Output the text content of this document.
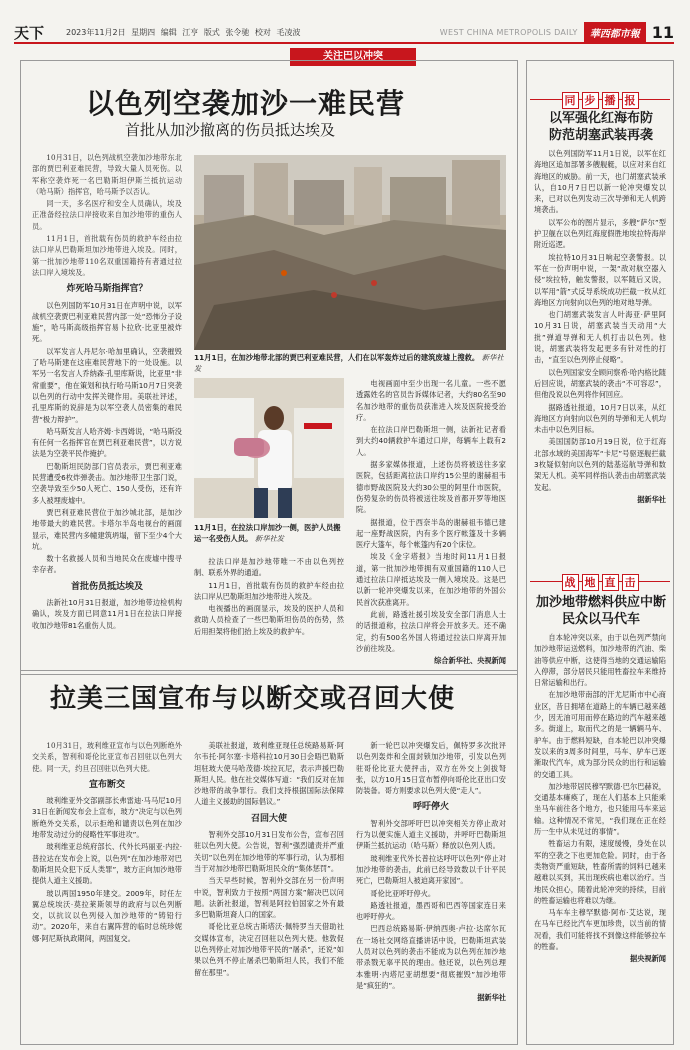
天下	2023年11月2日 星期四 编辑 江亨 版式 张令驰 校对 毛凌波	WEST CHINA METROPOLIS DAILY	華西都市報 11
关注巴以冲突
以色列空袭加沙一难民营
首批从加沙撤离的伤员抵达埃及

10月31日，以色列战机空袭加沙地带东北部的贾巴利亚难民营，导致大量人员死伤。以军称空袭炸死一名巴勒斯坦伊斯兰抵抗运动（哈马斯）指挥官，哈马斯予以否认。

同一天，多名医疗和安全人员确认，埃及正准备经拉法口岸接收来自加沙地带的重伤人员。

11月1日，首批载有伤员的救护车经由拉法口岸从巴勒斯坦加沙地带进入埃及。同时，第一批加沙地带110名双重国籍持有者通过拉法口岸入境埃及。

炸死哈马斯指挥官？

以色列国防军10月31日在声明中说，以军战机空袭贾巴利亚难民营内部一处“恐怖分子设施”，哈马斯高级指挥官易卜拉欣·比亚里被炸死。

以军发言人丹尼尔·哈加里确认，空袭摧毁了哈马斯建在这座难民营地下的一处设施。以军另一名发言人乔纳森·孔里库斯说，比亚里“非常重要”，他在策划和执行哈马斯10月7日突袭以色列的行动中发挥关键作用。美联社评述，孔里库斯的说辞是为以军空袭人员密集的难民营“极力辩护”。

哈马斯发言人哈齐姆·卡西姆说，“哈马斯没有任何一名指挥官在贾巴利亚难民营”，以方说法是为空袭平民作掩护。

巴勒斯坦民防部门官员表示，贾巴利亚难民营遭受6枚炸弹袭击。加沙地带卫生部门说，空袭导致至少50人死亡、150人受伤，还有许多人被埋废墟中。

贾巴利亚难民营位于加沙城北部，是加沙地带最大的难民营。卡塔尔半岛电视台的画面显示，难民营内多幢建筑坍塌，留下至少4个大坑。

数十名救援人员和当地民众在废墟中搜寻幸存者。

首批伤员抵达埃及

法新社10月31日报道，加沙地带边检机构确认，埃及方面已同意11月1日在拉法口岸接收加沙地带81名重伤人员。

11月1日，在加沙地带北部的贾巴利亚难民营，人们在以军轰炸过后的建筑废墟上搜救。 新华社发
11月1日，在拉法口岸加沙一侧，医护人员搬运一名受伤人员。 新华社发

拉法口岸是加沙地带唯一不由以色列控制、联系外界的通道。

11月1日，首批载有伤员的救护车经由拉法口岸从巴勒斯坦加沙地带进入埃及。

电视播出的画面显示，埃及的医护人员和救助人员检查了一些巴勒斯坦伤员的伤势，然后用担架将他们抬上埃及的救护车。

电视画面中至少出现一名儿童。一些不愿透露姓名的官员告诉媒体记者，大约80名至90名加沙地带的重伤员获准进入埃及医院接受治疗。

在拉法口岸巴勒斯坦一侧，法新社记者看到大约40辆救护车通过口岸，每辆车上载有2人。

据多家媒体报道，上述伤员将被送往多家医院，包括距离拉法口岸约15公里的谢赫祖韦德市野战医院及大约30公里的阿里什市医院，伤势复杂的伤员将被送往埃及首都开罗等地医院。

据报道，位于西奈半岛的谢赫祖韦德已建起一座野战医院，内有多个医疗帐篷及十多辆医疗大篷车，每个帐篷内有20个床位。

埃及《金字塔报》当地时间11月1日报道，第一批加沙地带拥有双重国籍的110人已通过拉法口岸抵达埃及一侧入境埃及。这是巴以新一轮冲突爆发以来，在加沙地带的外国公民首次获准离开。

此前，路透社援引埃及安全部门消息人士的话报道称，拉法口岸将会开放多天。还不确定，约有500名外国人将通过拉法口岸离开加沙前往埃及。

综合新华社、央视新闻
同 步 播 报
以军强化红海布防
防范胡塞武装再袭

以色列国防军11月1日说，以军在红海地区追加部署多艘舰艇，以应对来自红海地区的威胁。前一天，也门胡塞武装承认，自10月7日巴以新一轮冲突爆发以来，已对以色列发动三次导弹和无人机跨境袭击。

以军公布的图片显示，多艘“萨尔”型护卫舰在以色列红海度假胜地埃拉特海岸附近巡逻。

埃拉特10月31日响起空袭警报。以军在一份声明中说，一架“敌对航空器入侵”埃拉特，触发警报，以军随后又说，以军用“箭”式反导系统成功拦截一枚从红海地区方向射向以色列的地对地导弹。

也门胡塞武装发言人叶海亚·萨里阿10月31日说，胡塞武装当天动用“大批”弹道导弹和无人机打击以色列。他说，胡塞武装将发起更多有针对性的打击，“直至以色列停止侵略”。

以色列国家安全顾问察希·哈内格比随后回应说，胡塞武装的袭击“不可容忍”，但他没说以色列将作何回应。

据路透社报道，10月7日以来，从红海地区方向射向以色列的导弹和无人机均未击中以色列目标。

美国国防部10月19日说，位于红海北部水域的美国海军“卡尼”号驱逐舰拦截3枚疑似射向以色列的陆基巡航导弹和数架无人机。美军同样指认袭击由胡塞武装发起。

据新华社
战 地 直 击
加沙地带燃料供应中断
民众以马代车

自本轮冲突以来，由于以色列严禁向加沙地带运送燃料，加沙地带的汽油、柴油等供应中断，这使得当地的交通运输陷入停滞，部分居民只能用牲畜拉车来维持日常运输和出行。

在加沙地带南部的汗尤尼斯市中心商业区，昔日拥堵在道路上的车辆已越来越少，因无油可用而停在路边的汽车越来越多。街道上，取而代之的是一辆辆马车、驴车。由于燃料短缺，自本轮巴以冲突爆发以来的3周多时间里，马车、驴车已逐渐取代汽车，成为部分民众的出行和运输的交通工具。

加沙地带居民穆罕默德·巴尔巴赫说，交通基本瘫痪了，现在人们基本上只能乘坐马车前往各个地方，也只能用马车来运输。这种情况不常见，“我们现在正在经历一生中从未见过的事情”。

牲畜运力有限，速度缓慢，身处在以军的空袭之下也更加危险。同时，由于各类物资严重短缺，牲畜所需的饲料已越来越难以买到，其出现疾病也难以治疗。当地民众担心，随着此轮冲突的持续，目前的牲畜运输也将难以为继。

马车车主穆罕默德·阿布·艾达说，现在马车已经比汽车更加珍贵，以当前的情况看，我们可能将找不到像这样能够拉车的牲畜。

据央视新闻
拉美三国宣布与以断交或召回大使

10月31日，玻利维亚宣布与以色列断绝外交关系，智利和哥伦比亚宣布召回驻以色列大使。同一天，约旦召回驻以色列大使。

宣布断交

玻利维亚外交部副部长弗雷迪·马马尼10月31日在新闻发布会上宣布，玻方“决定与以色列断绝外交关系，以示拒绝和谴责以色列在加沙地带发动过分的侵略性军事进攻”。

玻利维亚总统府部长、代外长玛丽亚·内拉·普拉达在发布会上说，以色列“在加沙地带对巴勒斯坦民众犯下反人类罪”，玻方正向加沙地带提供人道主义援助。

玻以两国1950年建交。2009年，时任左翼总统埃沃·莫拉莱斯领导的政府与以色列断交，以抗议以色列侵入加沙地带的“铸铅行动”。2020年，来自右翼阵营的临时总统珍妮娜·阿尼斯执政期间，两国复交。

美联社报道，玻利维亚现任总统路易斯·阿尔韦托·阿尔塞·卡塔科拉10月30日会晤巴勒斯坦驻玻大使马哈茂德·埃拉瓦尼，表示声援巴勒斯坦人民。他在社交媒体写道：“我们反对在加沙地带的战争罪行。我们支持根据国际法保障人道主义援助的国际倡议。”

召回大使

智利外交部10月31日发布公告，宣布召回驻以色列大使。公告说，智利“强烈谴责并严重关切”以色列在加沙地带的军事行动，认为那相当于对加沙地带巴勒斯坦民众的“集体惩罚”。

当天早些时候，智利外交部在另一份声明中说，智利致力于按照“两国方案”解决巴以问题。法新社报道，智利是阿拉伯国家之外有最多巴勒斯坦裔人口的国家。

哥伦比亚总统古斯塔沃·佩特罗当天借助社交媒体宣布，决定召回驻以色列大使。他敦促以色列停止对加沙地带平民的“屠杀”，还说“如果以色列不停止屠杀巴勒斯坦人民，我们不能留在那里”。

新一轮巴以冲突爆发后，佩特罗多次批评以色列轰炸和全面封锁加沙地带，引发以色列驻哥伦比亚大使抨击，双方在外交上剑拔弩张，以方10月15日宣布暂停向哥伦比亚出口安防装备。哥方则要求以色列大使“走人”。

呼吁停火

智利外交部呼吁巴以冲突相关方停止敌对行为以便实施人道主义援助，并呼吁巴勒斯坦伊斯兰抵抗运动（哈马斯）释放以色列人质。

玻利维亚代外长普拉达呼吁以色列“停止对加沙地带的袭击，此前已经导致数以千计平民死亡，巴勒斯坦人被迫离开家园”。

哥伦比亚呼吁停火。

路透社报道，墨西哥和巴西等国家连日来也呼吁停火。

巴西总统路易斯·伊纳西奥·卢拉·达席尔瓦在一场社交网络直播讲话中说，巴勒斯坦武装人员对以色列的袭击不能成为以色列在加沙地带杀戮无辜平民的理由。他还说，以色列总理本雅明·内塔尼亚胡想要“彻底摧毁”加沙地带是“疯狂的”。

据新华社
